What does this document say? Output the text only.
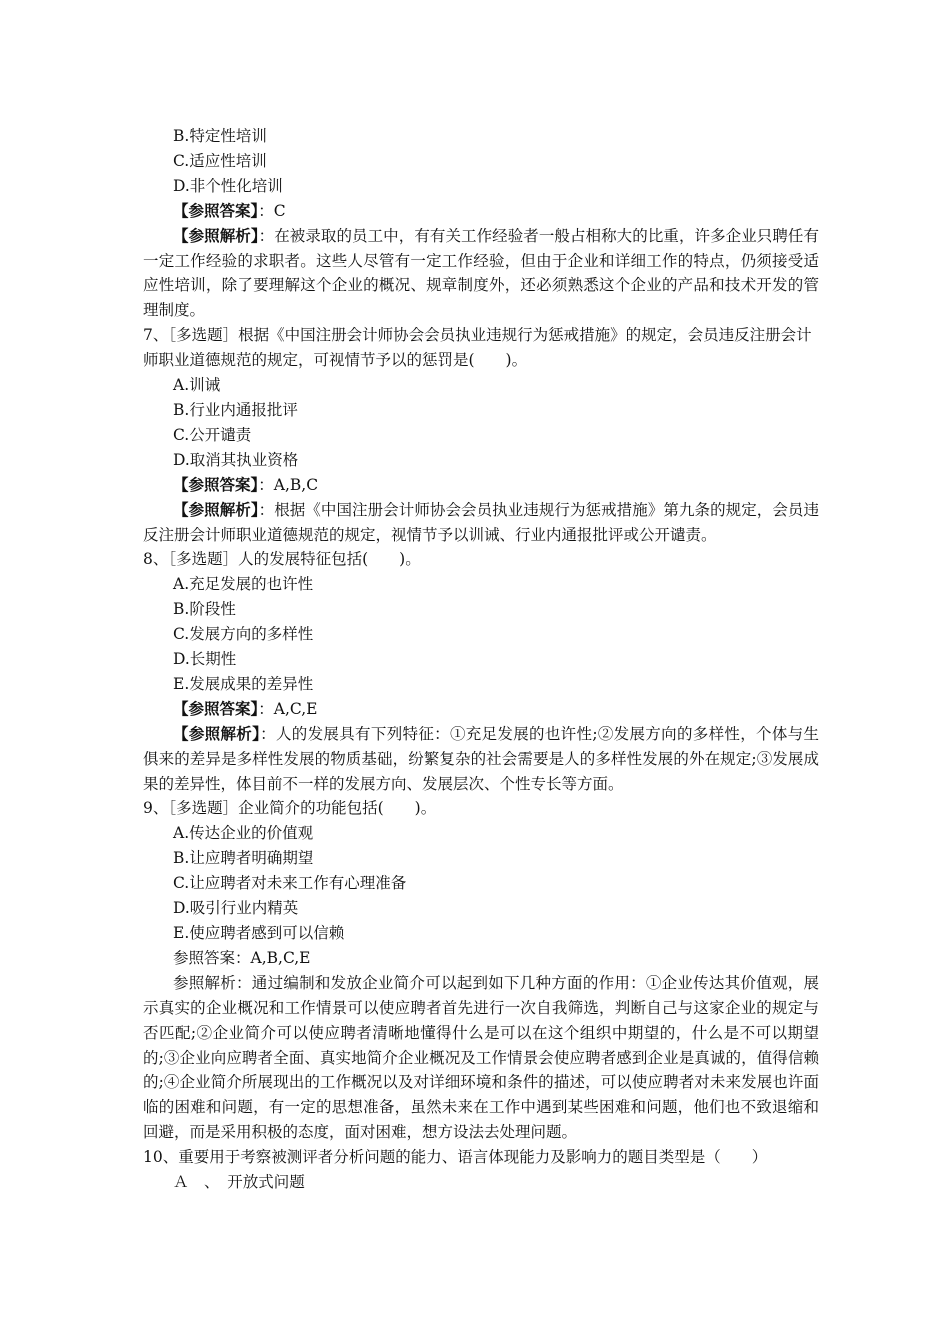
B.特定性培训
C.适应性培训
D.非个性化培训
【参照答案】：C
【参照解析】：在被录取的员工中，有有关工作经验者一般占相称大的比重，许多企业只聘任有一定工作经验的求职者。这些人尽管有一定工作经验，但由于企业和详细工作的特点，仍须接受适应性培训，除了要理解这个企业的概况、规章制度外，还必须熟悉这个企业的产品和技术开发的管理制度。
7、［多选题］根据《中国注册会计师协会会员执业违规行为惩戒措施》的规定，会员违反注册会计师职业道德规范的规定，可视情节予以的惩罚是(　　)。
A.训诫
B.行业内通报批评
C.公开谴责
D.取消其执业资格
【参照答案】：A,B,C
【参照解析】：根据《中国注册会计师协会会员执业违规行为惩戒措施》第九条的规定，会员违反注册会计师职业道德规范的规定，视情节予以训诫、行业内通报批评或公开谴责。
8、［多选题］人的发展特征包括(　　)。
A.充足发展的也许性
B.阶段性
C.发展方向的多样性
D.长期性
E.发展成果的差异性
【参照答案】：A,C,E
【参照解析】：人的发展具有下列特征：①充足发展的也许性;②发展方向的多样性，个体与生俱来的差异是多样性发展的物质基础，纷繁复杂的社会需要是人的多样性发展的外在规定;③发展成果的差异性，体目前不一样的发展方向、发展层次、个性专长等方面。
9、［多选题］企业简介的功能包括(　　)。
A.传达企业的价值观
B.让应聘者明确期望
C.让应聘者对未来工作有心理准备
D.吸引行业内精英
E.使应聘者感到可以信赖
参照答案：A,B,C,E
参照解析：通过编制和发放企业简介可以起到如下几种方面的作用：①企业传达其价值观，展示真实的企业概况和工作情景可以使应聘者首先进行一次自我筛选，判断自己与这家企业的规定与否匹配;②企业简介可以使应聘者清晰地懂得什么是可以在这个组织中期望的，什么是不可以期望的;③企业向应聘者全面、真实地简介企业概况及工作情景会使应聘者感到企业是真诚的，值得信赖的;④企业简介所展现出的工作概况以及对详细环境和条件的描述，可以使应聘者对未来发展也许面临的困难和问题，有一定的思想准备，虽然未来在工作中遇到某些困难和问题，他们也不致退缩和回避，而是采用积极的态度，面对困难，想方设法去处理问题。
10、重要用于考察被测评者分析问题的能力、语言体现能力及影响力的题目类型是（　　）
Ａ　、　开放式问题
